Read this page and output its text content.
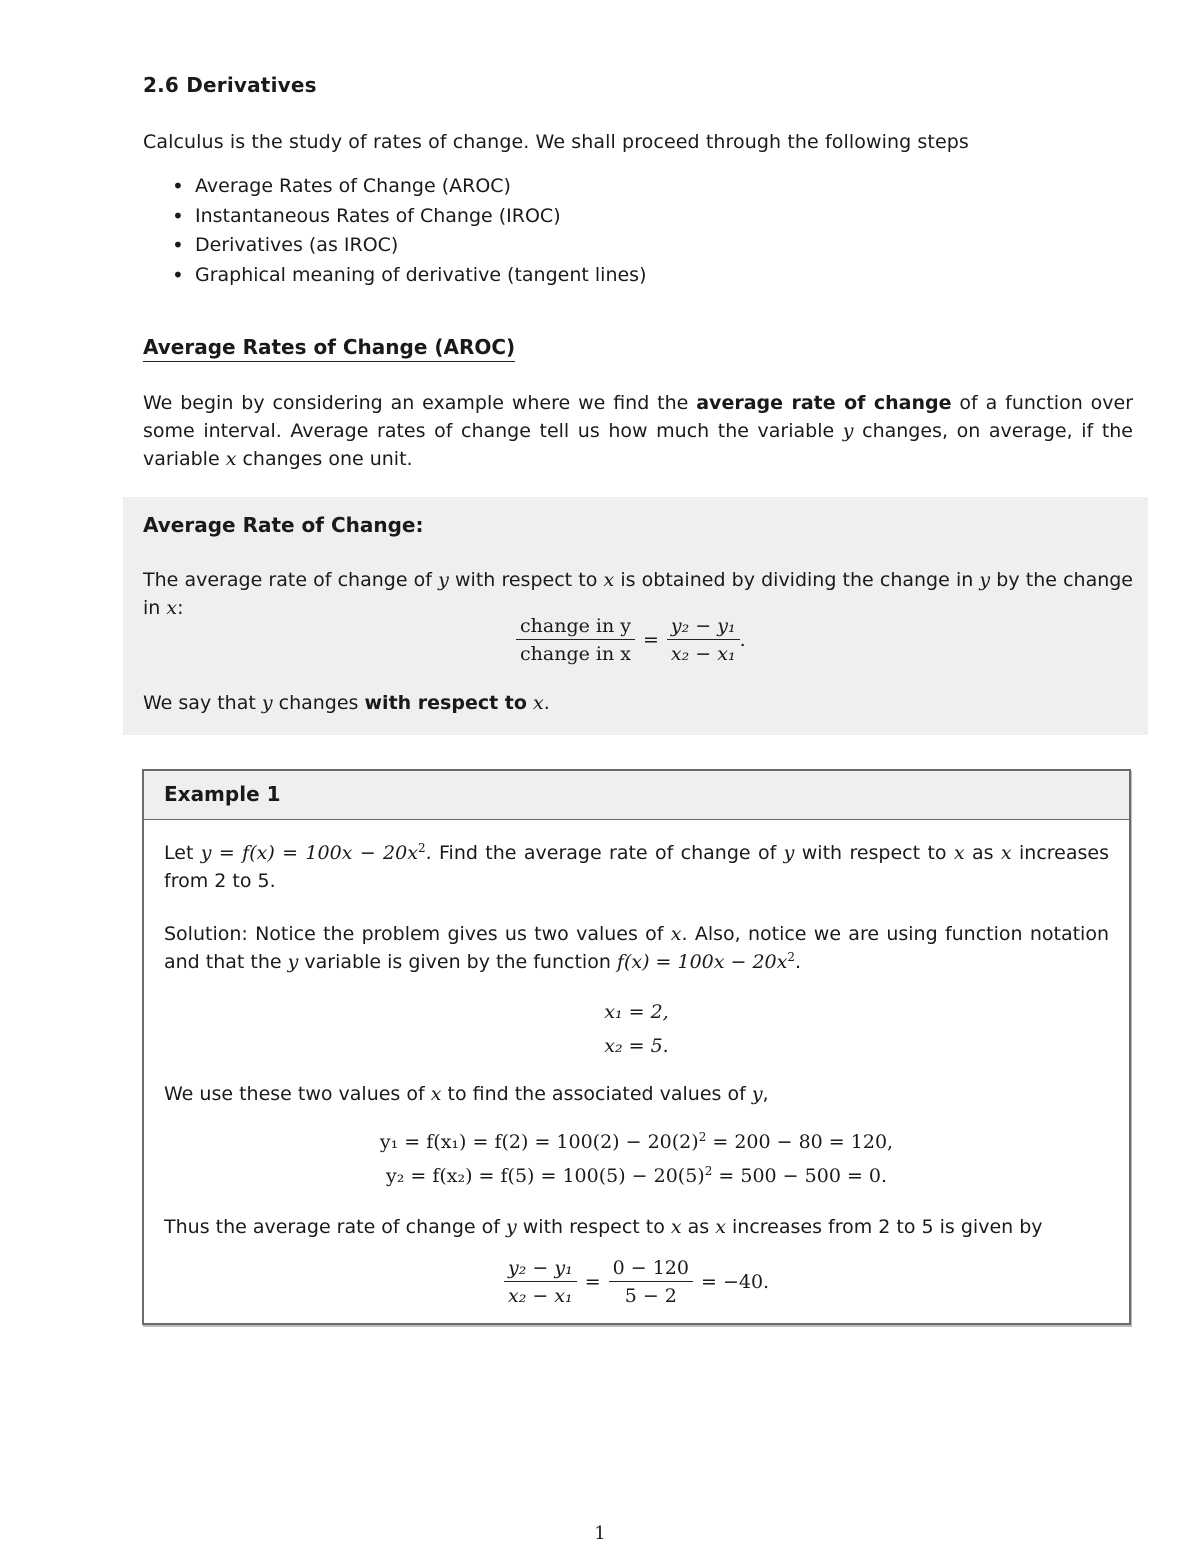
2.6 Derivatives
Calculus is the study of rates of change. We shall proceed through the following steps
• Average Rates of Change (AROC)
• Instantaneous Rates of Change (IROC)
• Derivatives (as IROC)
• Graphical meaning of derivative (tangent lines)
Average Rates of Change (AROC)
We begin by considering an example where we find the average rate of change of a function over some interval. Average rates of change tell us how much the variable y changes, on average, if the variable x changes one unit.
Average Rate of Change:
The average rate of change of y with respect to x is obtained by dividing the change in y by the change in x:
$\frac{\text{change in y}}{\text{change in x}} = \frac{\text{y₂ − y₁}}{\text{x₂ − x₁}}$ .
We say that y changes with respect to x.
Example 1
Let $y = f(x) = 100x - 20x^2$. Find the average rate of change of y with respect to x as x increases from 2 to 5.
Solution: Notice the problem gives us two values of x. Also, notice we are using function notation and that the y variable is given by the function $f(x) = 100x - 20x^2$.
x₁ = 2,
x₂ = 5.
We use these two values of x to find the associated values of y,
$y_1 = f(x_1) = f(2) = 100(2) - 20(2)^2 = 200 - 80 = 120$,
$y_2 = f(x_2) = f(5) = 100(5) - 20(5)^2 = 500 - 500 = 0$.
Thus the average rate of change of y with respect to x as x increases from 2 to 5 is given by
$\frac{\text{y₂ − y₁}}{\text{x₂ − x₁}} = \frac{0 - 120}{5 - 2} = -40$.
1
